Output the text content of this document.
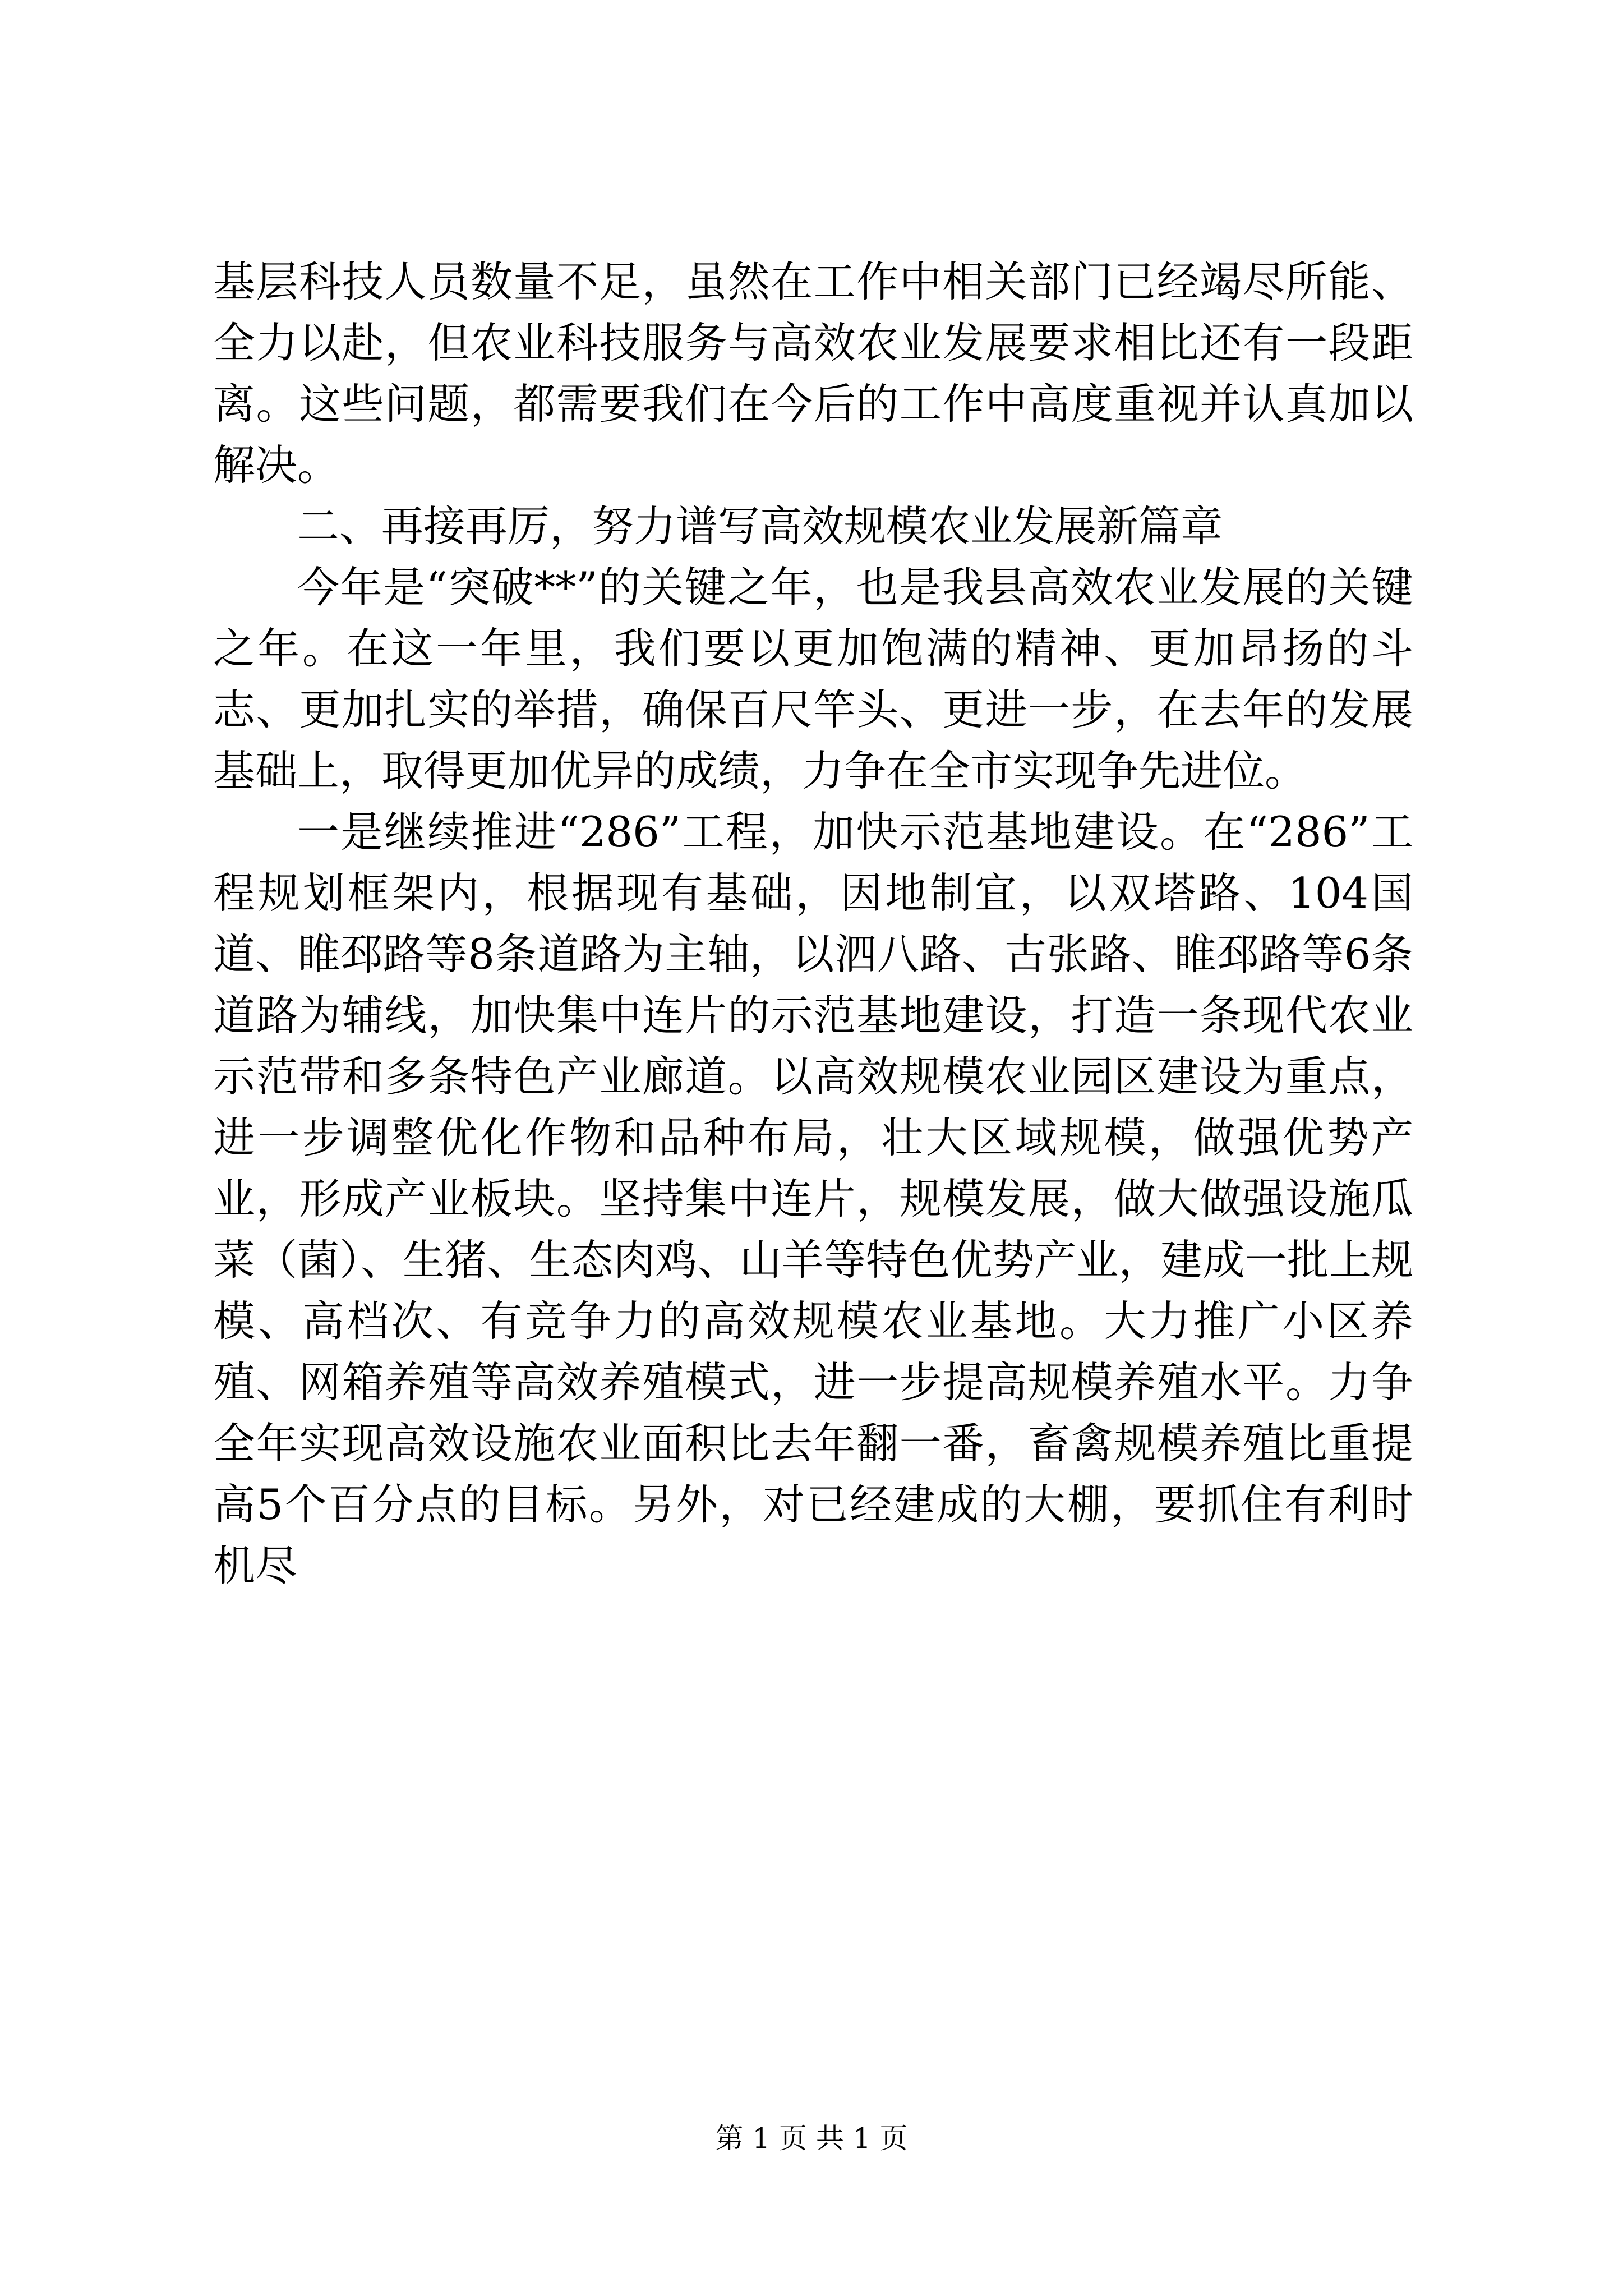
基层科技人员数量不足，虽然在工作中相关部门已经竭尽所能、全力以赴，但农业科技服务与高效农业发展要求相比还有一段距离。这些问题，都需要我们在今后的工作中高度重视并认真加以解决。

二、再接再厉，努力谱写高效规模农业发展新篇章

今年是“突破**”的关键之年，也是我县高效农业发展的关键之年。在这一年里，我们要以更加饱满的精神、更加昂扬的斗志、更加扎实的举措，确保百尺竿头、更进一步，在去年的发展基础上，取得更加优异的成绩，力争在全市实现争先进位。

一是继续推进“286”工程，加快示范基地建设。在“286”工程规划框架内，根据现有基础，因地制宜，以双塔路、104国道、睢邳路等8条道路为主轴，以泗八路、古张路、睢邳路等6条道路为辅线，加快集中连片的示范基地建设，打造一条现代农业示范带和多条特色产业廊道。以高效规模农业园区建设为重点，进一步调整优化作物和品种布局，壮大区域规模，做强优势产业，形成产业板块。坚持集中连片，规模发展，做大做强设施瓜菜（菌）、生猪、生态肉鸡、山羊等特色优势产业，建成一批上规模、高档次、有竞争力的高效规模农业基地。大力推广小区养殖、网箱养殖等高效养殖模式，进一步提高规模养殖水平。力争全年实现高效设施农业面积比去年翻一番，畜禽规模养殖比重提高5个百分点的目标。另外，对已经建成的大棚，要抓住有利时机尽

第 1 页 共 1 页
